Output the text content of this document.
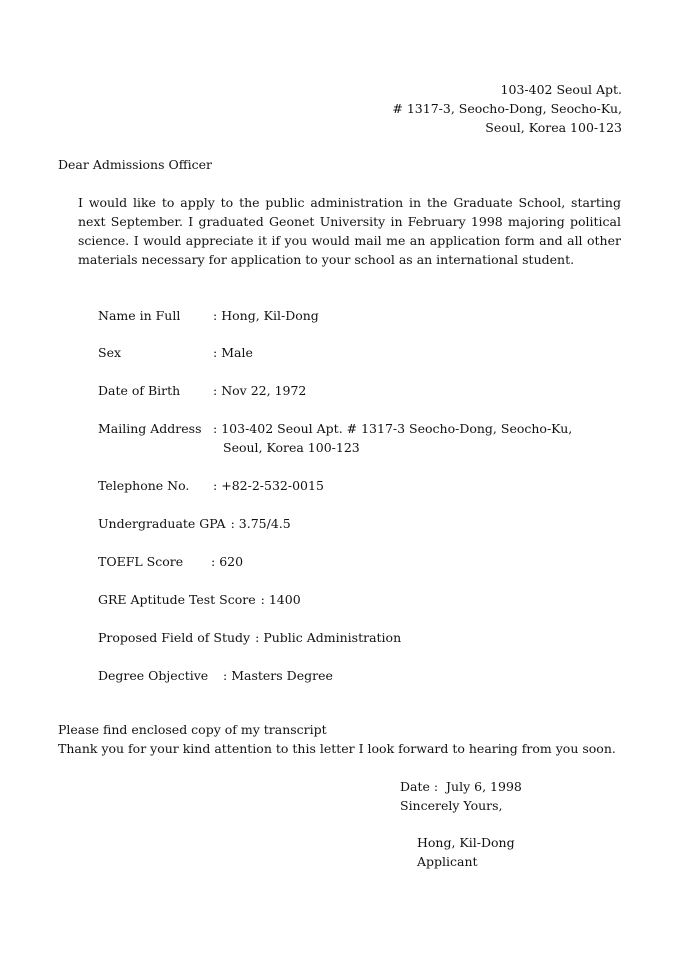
103-402 Seoul Apt.
# 1317-3, Seocho-Dong, Seocho-Ku,
Seoul, Korea 100-123
Dear Admissions Officer
I would like to apply to the public administration in the Graduate School, starting next September. I graduated Geonet University in February 1998 majoring political science. I would appreciate it if you would mail me an application form and all other materials necessary for application to your school as an international student.
Name in Full	: Hong, Kil-Dong
Sex	: Male
Date of Birth	: Nov 22, 1972
Mailing Address : 103-402 Seoul Apt. # 1317-3 Seocho-Dong, Seocho-Ku,
Seoul, Korea 100-123
Telephone No. : +82-2-532-0015
Undergraduate GPA : 3.75/4.5
TOEFL Score : 620
GRE Aptitude Test Score : 1400
Proposed Field of Study : Public Administration
Degree Objective : Masters Degree
Please find enclosed copy of my transcript
Thank you for your kind attention to this letter I look forward to hearing from you soon.
Date : July 6, 1998
Sincerely Yours,
Hong, Kil-Dong
Applicant
